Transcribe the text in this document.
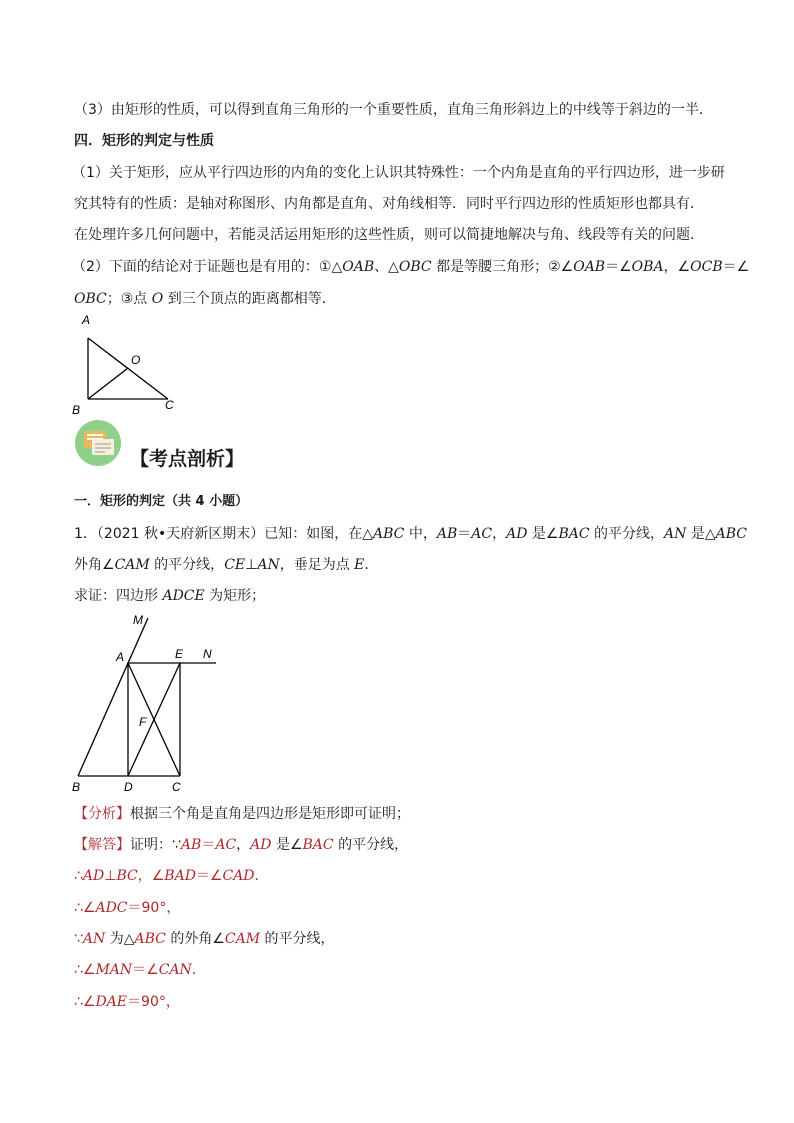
（3）由矩形的性质，可以得到直角三角形的一个重要性质，直角三角形斜边上的中线等于斜边的一半．
四．矩形的判定与性质
（1）关于矩形，应从平行四边形的内角的变化上认识其特殊性：一个内角是直角的平行四边形，进一步研
究其特有的性质：是轴对称图形、内角都是直角、对角线相等．同时平行四边形的性质矩形也都具有．
在处理许多几何问题中，若能灵活运用矩形的这些性质，则可以简捷地解决与角、线段等有关的问题．
（2）下面的结论对于证题也是有用的：①△OAB、△OBC 都是等腰三角形；②∠OAB＝∠OBA，∠OCB＝∠
OBC；③点 O 到三个顶点的距离都相等．
A
O
B	C
【考点剖析】
一．矩形的判定（共 4 小题）
1．（2021 秋•天府新区期末）已知：如图，在△ABC 中，AB＝AC，AD 是∠BAC 的平分线，AN 是△ABC
外角∠CAM 的平分线，CE⊥AN，垂足为点 E．
求证：四边形 ADCE 为矩形；
M
A	E N
F
B	D	C
【分析】根据三个角是直角是四边形是矩形即可证明；
【解答】证明：∵AB＝AC，AD 是∠BAC 的平分线，
∴AD⊥BC，∠BAD＝∠CAD．
∴∠ADC＝90°，
∵AN 为△ABC 的外角∠CAM 的平分线，
∴∠MAN＝∠CAN．
∴∠DAE＝90°，
